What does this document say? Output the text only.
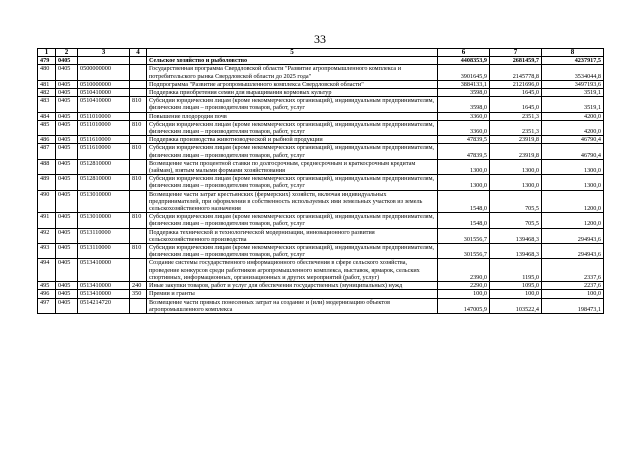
33
1	2	3	4	5	6	7	8
479	0405			Сельское хозяйство и рыболовство	4408353,9	2681459,7	4237917,5
480	0405	0500000000		Государственная программа Свердловской области "Развитие агропромышленного комплекса и потребительского рынка Свердловской области до 2025 года"	3901645,9	2145778,8	3534044,8
481	0405	0510000000		Подпрограмма "Развитие агропромышленного комплекса Свердловской области"	3884133,1	2121696,0	3497193,6
482	0405	0510410000		Поддержка приобретения семян для выращивания кормовых культур	3598,0	1645,0	3519,1
483	0405	0510410000	810	Субсидии юридическим лицам (кроме некоммерческих организаций), индивидуальным предпринимателям, физическим лицам – производителям товаров, работ, услуг	3598,0	1645,0	3519,1
484	0405	0511010000		Повышение плодородия почв	3360,0	2351,3	4200,0
485	0405	0511010000	810	Субсидии юридическим лицам (кроме некоммерческих организаций), индивидуальным предпринимателям, физическим лицам – производителям товаров, работ, услуг	3360,0	2351,3	4200,0
486	0405	0511610000		Поддержка производства животноводческой и рыбной продукции	47839,5	23919,8	46790,4
487	0405	0511610000	810	Субсидии юридическим лицам (кроме некоммерческих организаций), индивидуальным предпринимателям, физическим лицам – производителям товаров, работ, услуг	47839,5	23919,8	46790,4
488	0405	0512810000		Возмещение части процентной ставки по долгосрочным, среднесрочным и краткосрочным кредитам (займам), взятым малыми формами хозяйствования	1300,0	1300,0	1300,0
489	0405	0512810000	810	Субсидии юридическим лицам (кроме некоммерческих организаций), индивидуальным предпринимателям, физическим лицам – производителям товаров, работ, услуг	1300,0	1300,0	1300,0
490	0405	0513010000		Возмещение части затрат крестьянских (фермерских) хозяйств, включая индивидуальных предпринимателей, при оформлении в собственность используемых ими земельных участков из земель сельскохозяйственного назначения	1548,0	705,5	1200,0
491	0405	0513010000	810	Субсидии юридическим лицам (кроме некоммерческих организаций), индивидуальным предпринимателям, физическим лицам – производителям товаров, работ, услуг	1548,0	705,5	1200,0
492	0405	0513110000		Поддержка технической и технологической модернизации, инновационного развития сельскохозяйственного производства	301556,7	139468,3	294943,6
493	0405	0513110000	810	Субсидии юридическим лицам (кроме некоммерческих организаций), индивидуальным предпринимателям, физическим лицам – производителям товаров, работ, услуг	301556,7	139468,3	294943,6
494	0405	0513410000		Создание системы государственного информационного обеспечения в сфере сельского хозяйства, проведение конкурсов среди работников агропромышленного комплекса, выставок, ярмарок, сельских спортивных, информационных, организационных и других мероприятий (работ, услуг)	2390,0	1195,0	2337,6
495	0405	0513410000	240	Иные закупки товаров, работ и услуг для обеспечения государственных (муниципальных) нужд	2290,0	1095,0	2237,6
496	0405	0513410000	350	Премии и гранты	100,0	100,0	100,0
497	0405	0514214720		Возмещение части прямых понесенных затрат на создание и (или) модернизацию объектов агропромышленного комплекса	147005,9	103522,4	198473,1
